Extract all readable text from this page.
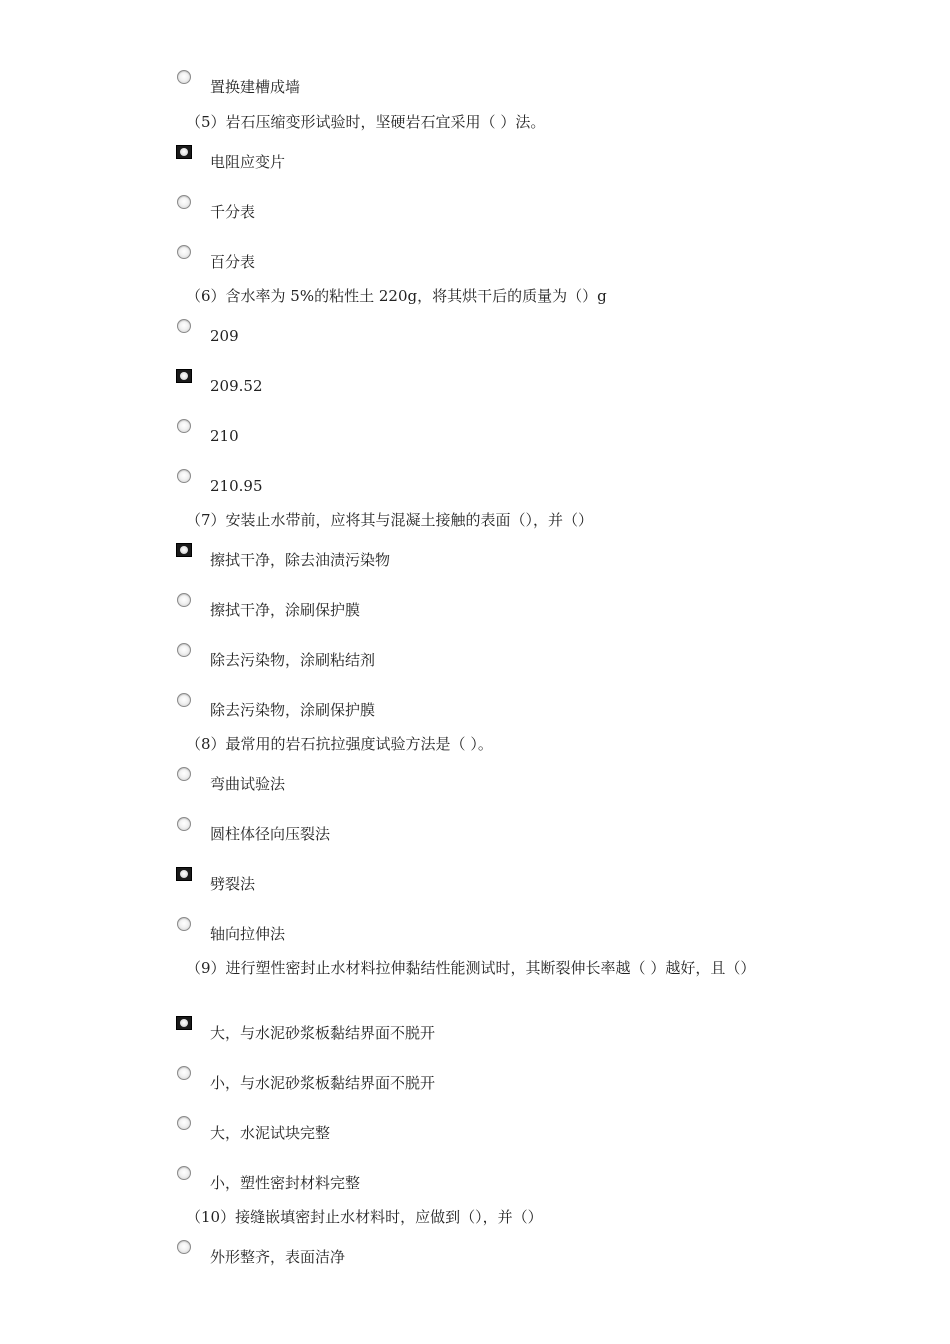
置换建槽成墙
（5）岩石压缩变形试验时，坚硬岩石宜采用（ ）法。
电阻应变片
千分表
百分表
（6）含水率为 5%的粘性土 220g，将其烘干后的质量为（）g
209
209.52
210
210.95
（7）安装止水带前，应将其与混凝土接触的表面（），并（）
擦拭干净，除去油渍污染物
擦拭干净，涂刷保护膜
除去污染物，涂刷粘结剂
除去污染物，涂刷保护膜
（8）最常用的岩石抗拉强度试验方法是（ ）。
弯曲试验法
圆柱体径向压裂法
劈裂法
轴向拉伸法
（9）进行塑性密封止水材料拉伸黏结性能测试时，其断裂伸长率越（ ）越好，且（）
大，与水泥砂浆板黏结界面不脱开
小，与水泥砂浆板黏结界面不脱开
大，水泥试块完整
小，塑性密封材料完整
（10）接缝嵌填密封止水材料时，应做到（），并（）
外形整齐，表面洁净
